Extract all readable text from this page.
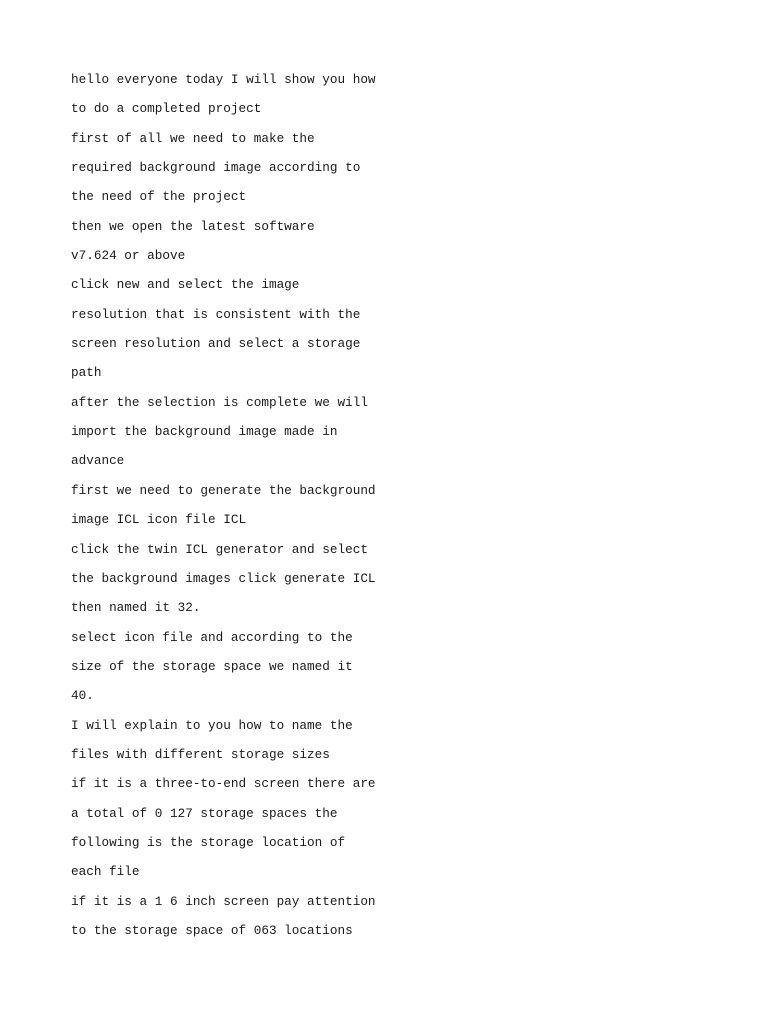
hello everyone today I will show you how

to do a completed project

first of all we need to make the

required background image according to

the need of the project

then we open the latest software

v7.624 or above

click new and select the image

resolution that is consistent with the

screen resolution and select a storage

path

after the selection is complete we will

import the background image made in

advance

first we need to generate the background

image ICL icon file ICL

click the twin ICL generator and select

the background images click generate ICL

then named it 32.

select icon file and according to the

size of the storage space we named it

40.

I will explain to you how to name the

files with different storage sizes

if it is a three-to-end screen there are

a total of 0 127 storage spaces the

following is the storage location of

each file

if it is a 1 6 inch screen pay attention

to the storage space of 063 locations
